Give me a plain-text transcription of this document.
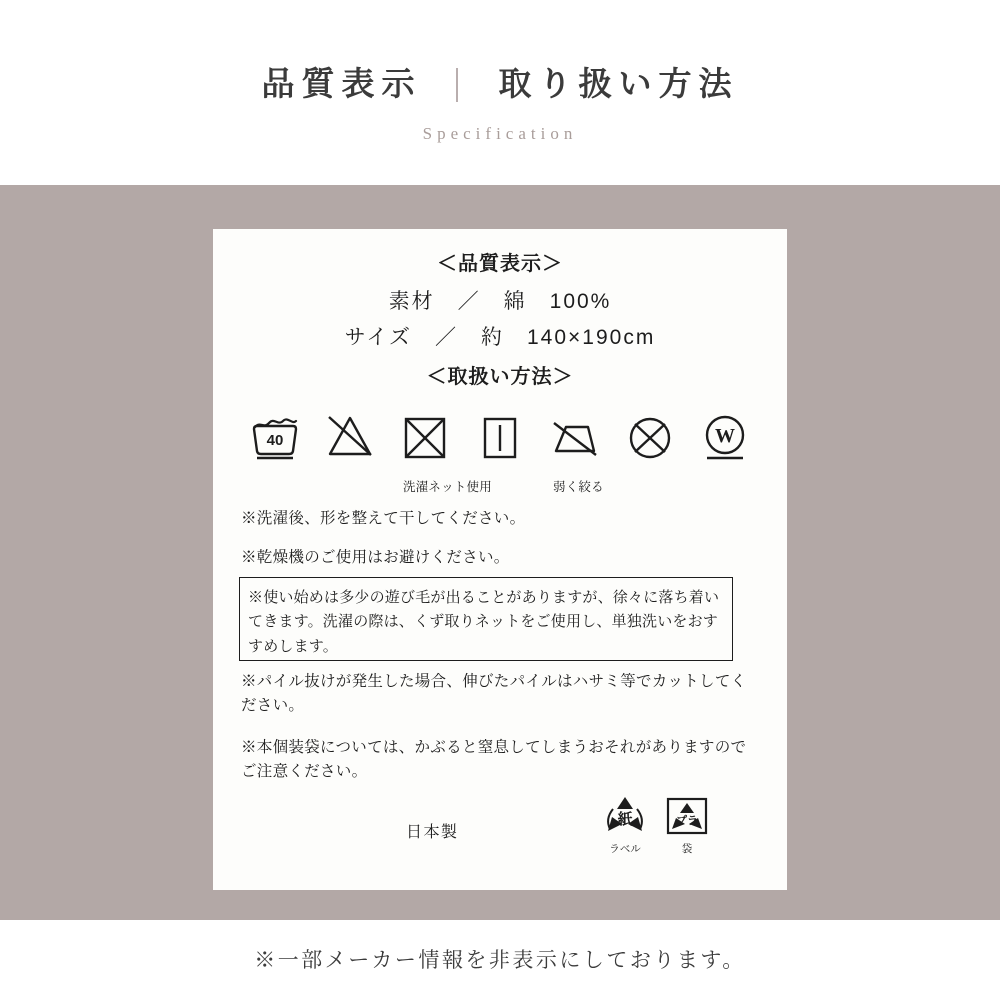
品質表示 取り扱い方法
Specification
＜品質表示＞
素材　／　綿　100%
サイズ　／　約　140×190cm
＜取扱い方法＞
40	W
洗濯ネット使用	弱く絞る
※洗濯後、形を整えて干してください。
※乾燥機のご使用はお避けください。
※使い始めは多少の遊び毛が出ることがありますが、徐々に落ち着いてきます。洗濯の際は、くず取りネットをご使用し、単独洗いをおすすめします。
※パイル抜けが発生した場合、伸びたパイルはハサミ等でカットしてください。
※本個装袋については、かぶると窒息してしまうおそれがありますのでご注意ください。
紙
ラベル
プラ
袋
日本製
※一部メーカー情報を非表示にしております。
